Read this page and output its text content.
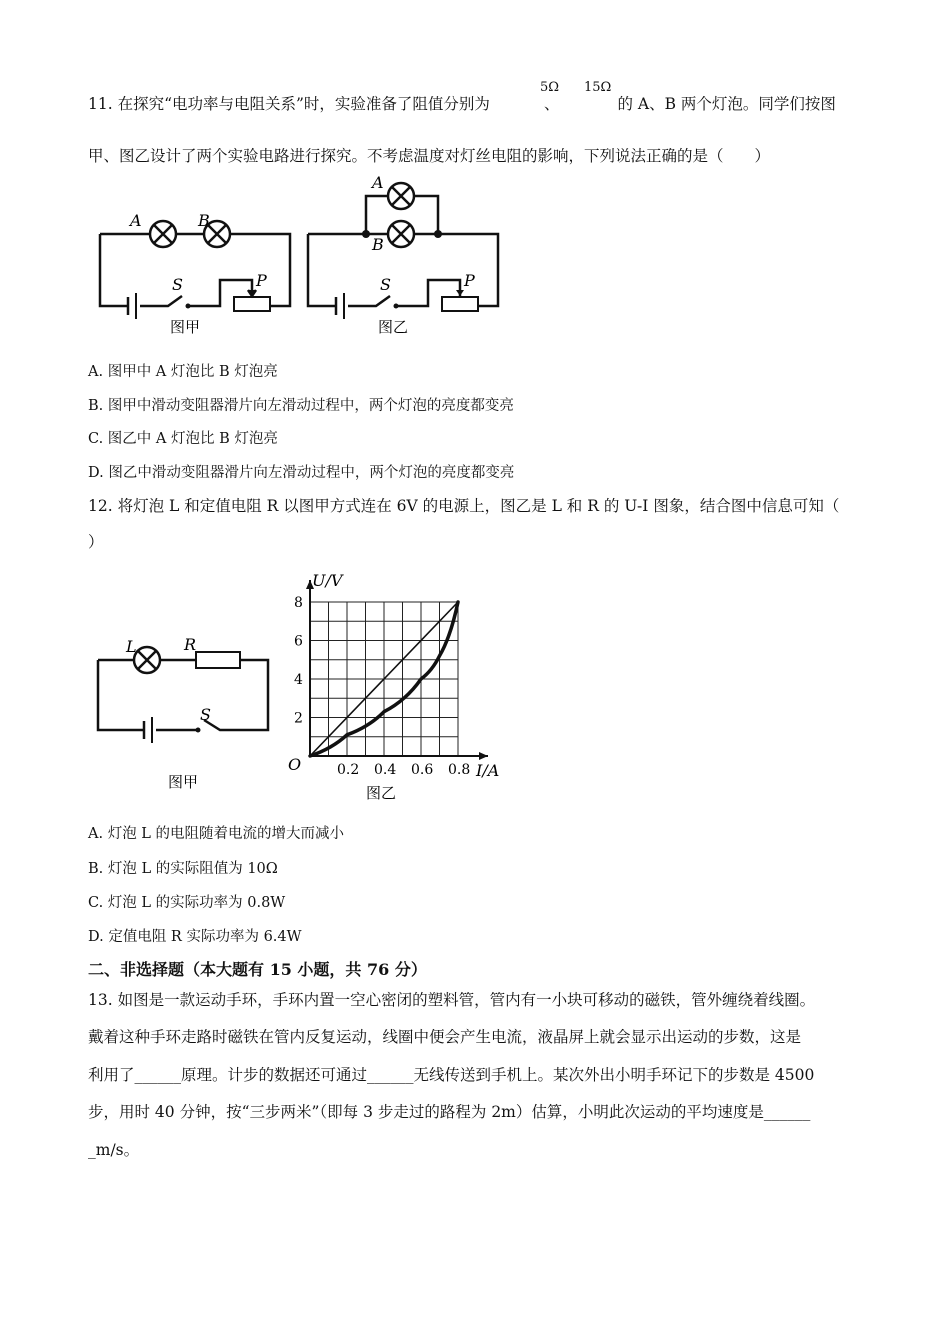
11. 在探究“电功率与电阻关系”时，实验准备了阻值分别为	、	的 A、B 两个灯泡。同学们按图
5Ω 15Ω
甲、图乙设计了两个实验电路进行探究。不考虑温度对灯丝电阻的影响，下列说法正确的是（　　）
A	B
S	P
图甲
A
B
S	P
图乙
A. 图甲中 A 灯泡比 B 灯泡亮
B. 图甲中滑动变阻器滑片向左滑动过程中，两个灯泡的亮度都变亮
C. 图乙中 A 灯泡比 B 灯泡亮
D. 图乙中滑动变阻器滑片向左滑动过程中，两个灯泡的亮度都变亮
12. 将灯泡 L 和定值电阻 R 以图甲方式连在 6V 的电源上，图乙是 L 和 R 的 U-I 图象，结合图中信息可知（
）
L	R
S
图甲
0.2 0.4 0.6 0.8
2
4
6
8
U/V
I/A
O
图乙
A. 灯泡 L 的电阻随着电流的增大而减小
B. 灯泡 L 的实际阻值为 10Ω
C. 灯泡 L 的实际功率为 0.8W
D. 定值电阻 R 实际功率为 6.4W
二、非选择题（本大题有 15 小题，共 76 分）
13. 如图是一款运动手环，手环内置一空心密闭的塑料管，管内有一小块可移动的磁铁，管外缠绕着线圈。
戴着这种手环走路时磁铁在管内反复运动，线圈中便会产生电流，液晶屏上就会显示出运动的步数，这是
利用了______原理。计步的数据还可通过______无线传送到手机上。某次外出小明手环记下的步数是 4500
步，用时 40 分钟，按“三步两米”（即每 3 步走过的路程为 2m）估算，小明此次运动的平均速度是______
_m/s。
